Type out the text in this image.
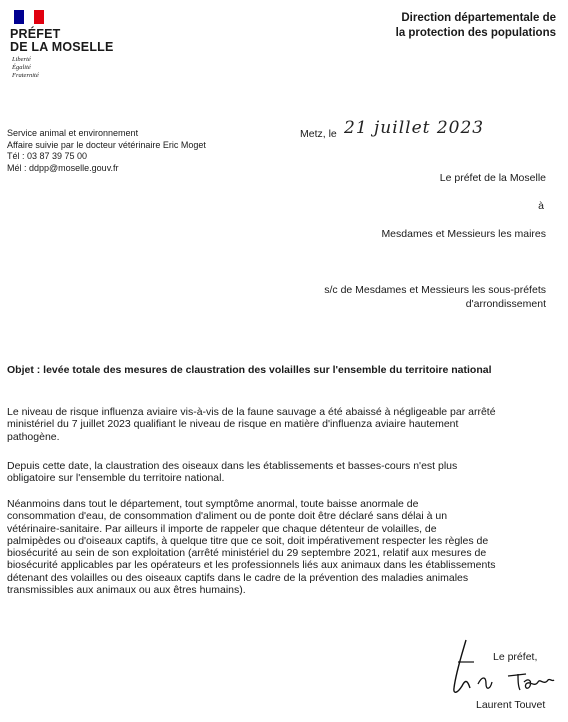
PRÉFET
DE LA MOSELLE
Liberté
Égalité
Fraternité
Direction départementale de
la protection des populations
Service animal et environnement
Affaire suivie par le docteur vétérinaire Eric Moget
Tél : 03 87 39 75 00
Mél : ddpp@moselle.gouv.fr
Metz, le 21 juillet 2023
Le préfet de la Moselle
à
Mesdames et Messieurs les maires
s/c de Mesdames et Messieurs les sous-préfets
d'arrondissement
Objet : levée totale des mesures de claustration des volailles sur l'ensemble du territoire national
Le niveau de risque influenza aviaire vis-à-vis de la faune sauvage a été abaissé à négligeable par arrêté
ministériel du 7 juillet 2023 qualifiant le niveau de risque en matière d'influenza aviaire hautement
pathogène.
Depuis cette date, la claustration des oiseaux dans les établissements et basses-cours n'est plus
obligatoire sur l'ensemble du territoire national.
Néanmoins dans tout le département, tout symptôme anormal, toute baisse anormale de
consommation d'eau, de consommation d'aliment ou de ponte doit être déclaré sans délai à un
vétérinaire-sanitaire. Par ailleurs il importe de rappeler que chaque détenteur de volailles, de
palmipèdes ou d'oiseaux captifs, à quelque titre que ce soit, doit impérativement respecter les règles de
biosécurité au sein de son exploitation (arrêté ministériel du 29 septembre 2021, relatif aux mesures de
biosécurité applicables par les opérateurs et les professionnels liés aux animaux dans les établissements
détenant des volailles ou des oiseaux captifs dans le cadre de la prévention des maladies animales
transmissibles aux animaux ou aux êtres humains).
Le préfet,
Laurent Touvet
